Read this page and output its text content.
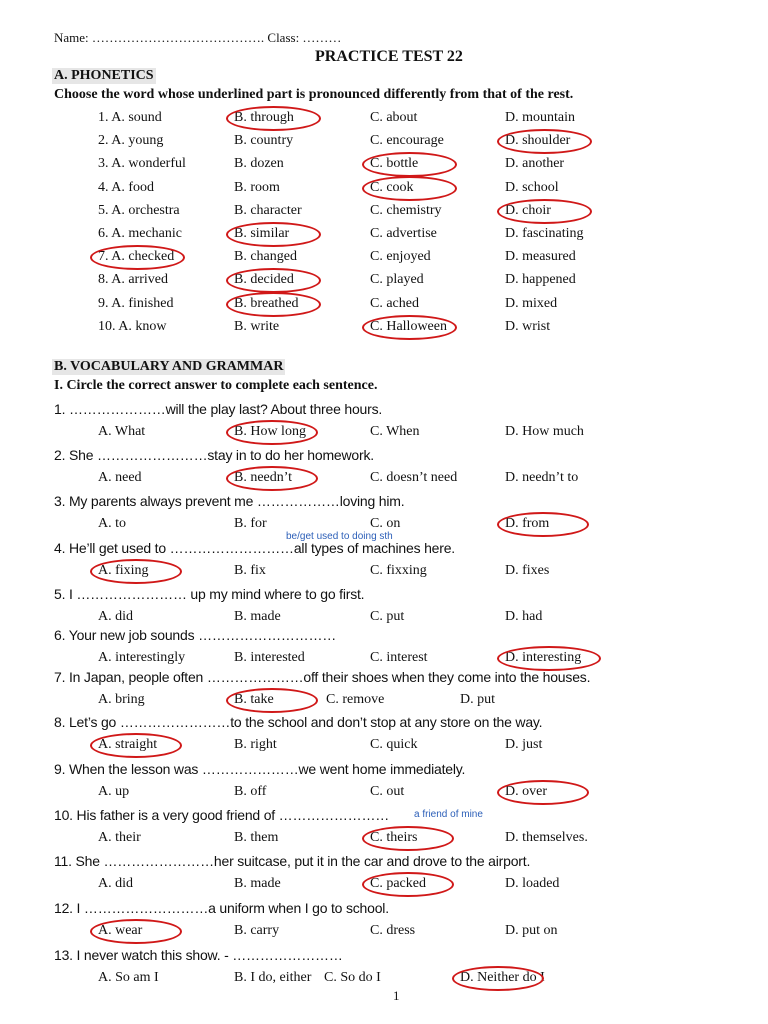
Name: …………………………………. Class: ………
PRACTICE TEST 22
A. PHONETICS
Choose the word whose underlined part is pronounced differently from that of the rest.
1. A. sound	B. through	C. about	D. mountain
2. A. young	B. country	C. encourage	D. shoulder
3. A. wonderful	B. dozen	C. bottle	D. another
4. A. food	B. room	C. cook	D. school
5. A. orchestra	B. character	C. chemistry	D. choir
6. A. mechanic	B. similar	C. advertise	D. fascinating
7. A. checked	B. changed	C. enjoyed	D. measured
8. A. arrived	B. decided	C. played	D. happened
9. A. finished	B. breathed	C. ached	D. mixed
10. A. know	B. write	C. Halloween	D. wrist
B. VOCABULARY AND GRAMMAR
I. Circle the correct answer to complete each sentence.
1. …………………will the play last? About three hours.
A. What	B. How long	C. When	D. How much
2. She ……………………stay in to do her homework.
A. need	B. needn’t	C. doesn’t need	D. needn’t to
3. My parents always prevent me ………………loving him.
A. to	B. for	C. on	D. from
4. He’ll get used to ………………………all types of machines here.
A. fixing	B. fix	C. fixxing	D. fixes
5. I …………………… up my mind where to go first.
A. did	B. made	C. put	D. had
6. Your new job sounds …………………………
A. interestingly	B. interested	C. interest	D. interesting
7. In Japan, people often …………………off their shoes when they come into the houses.
A. bring	B. take	C. remove	D. put
8. Let’s go ……………………to the school and don’t stop at any store on the way.
A. straight	B. right	C. quick	D. just
9. When the lesson was …………………we went home immediately.
A. up	B. off	C. out	D. over
10. His father is a very good friend of ……………………
A. their	B. them	C. theirs	D. themselves.
11. She ……………………her suitcase, put it in the car and drove to the airport.
A. did	B. made	C. packed	D. loaded
12. I ………………………a uniform when I go to school.
A. wear	B. carry	C. dress	D. put on
13. I never watch this show. - ……………………
A. So am I	B. I do, either C. So do I	D. Neither do I
be/get used to doing sth
a friend of mine
1
